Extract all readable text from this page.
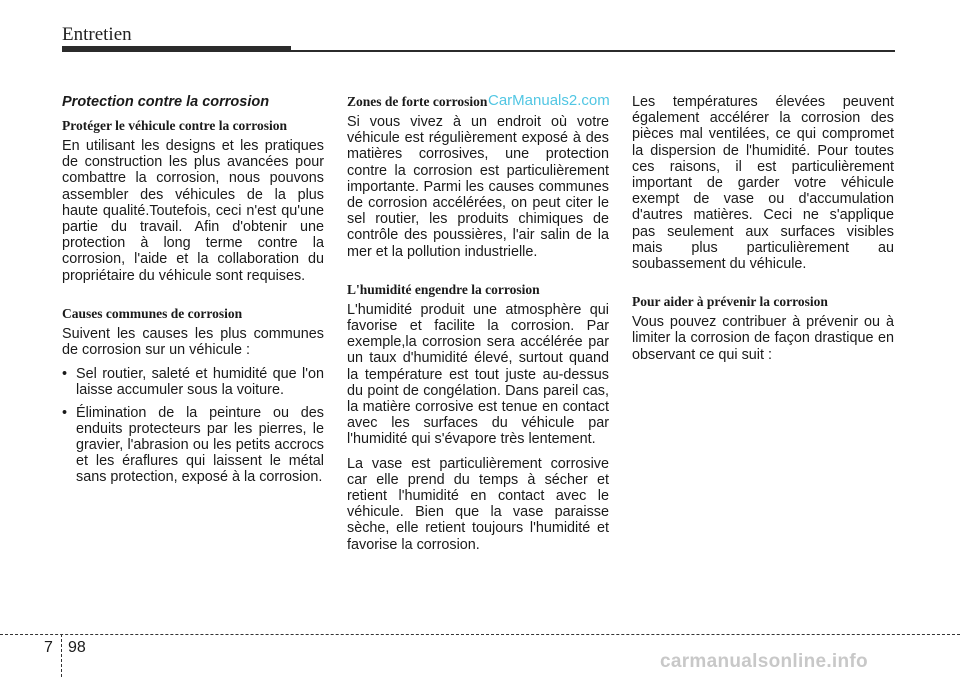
Entretien
Protection contre la corrosion
Protéger le véhicule contre la corrosion

En utilisant les designs et les pratiques de construction les plus avancées pour combattre la corrosion, nous pouvons assembler des véhicules de la plus haute qualité.Toutefois, ceci n'est qu'une partie du travail. Afin d'obtenir une protection à long terme contre la corrosion, l'aide et la collaboration du propriétaire du véhicule sont requises.

Causes communes de corrosion

Suivent les causes les plus communes de corrosion sur un véhicule :

• Sel routier, saleté et humidité que l'on laisse accumuler sous la voiture.
• Élimination de la peinture ou des enduits protecteurs par les pierres, le gravier, l'abrasion ou les petits accrocs et les éraflures qui laissent le métal sans protection, exposé à la corrosion.
Zones de forte corrosion

Si vous vivez à un endroit où votre véhicule est régulièrement exposé à des matières corrosives, une protection contre la corrosion est particulièrement importante. Parmi les causes communes de corrosion accélérées, on peut citer le sel routier, les produits chimiques de contrôle des poussières, l'air salin de la mer et la pollution industrielle.

L'humidité engendre la corrosion

L'humidité produit une atmosphère qui favorise et facilite la corrosion. Par exemple,la corrosion sera accélérée par un taux d'humidité élevé, surtout quand la température est tout juste au-dessus du point de congélation. Dans pareil cas, la matière corrosive est tenue en contact avec les surfaces du véhicule par l'humidité qui s'évapore très lentement.

La vase est particulièrement corrosive car elle prend du temps à sécher et retient l'humidité en contact avec le véhicule. Bien que la vase paraisse sèche, elle retient toujours l'humidité et favorise la corrosion.

Les températures élevées peuvent également accélérer la corrosion des pièces mal ventilées, ce qui compromet la dispersion de l'humidité. Pour toutes ces raisons, il est particulièrement important de garder votre véhicule exempt de vase ou d'accumulation d'autres matières. Ceci ne s'applique pas seulement aux surfaces visibles mais plus particulièrement au soubassement du véhicule.

Pour aider à prévenir la corrosion

Vous pouvez contribuer à prévenir ou à limiter la corrosion de façon drastique en observant ce qui suit :

CarManuals2.com
7 98
carmanualsonline.info
